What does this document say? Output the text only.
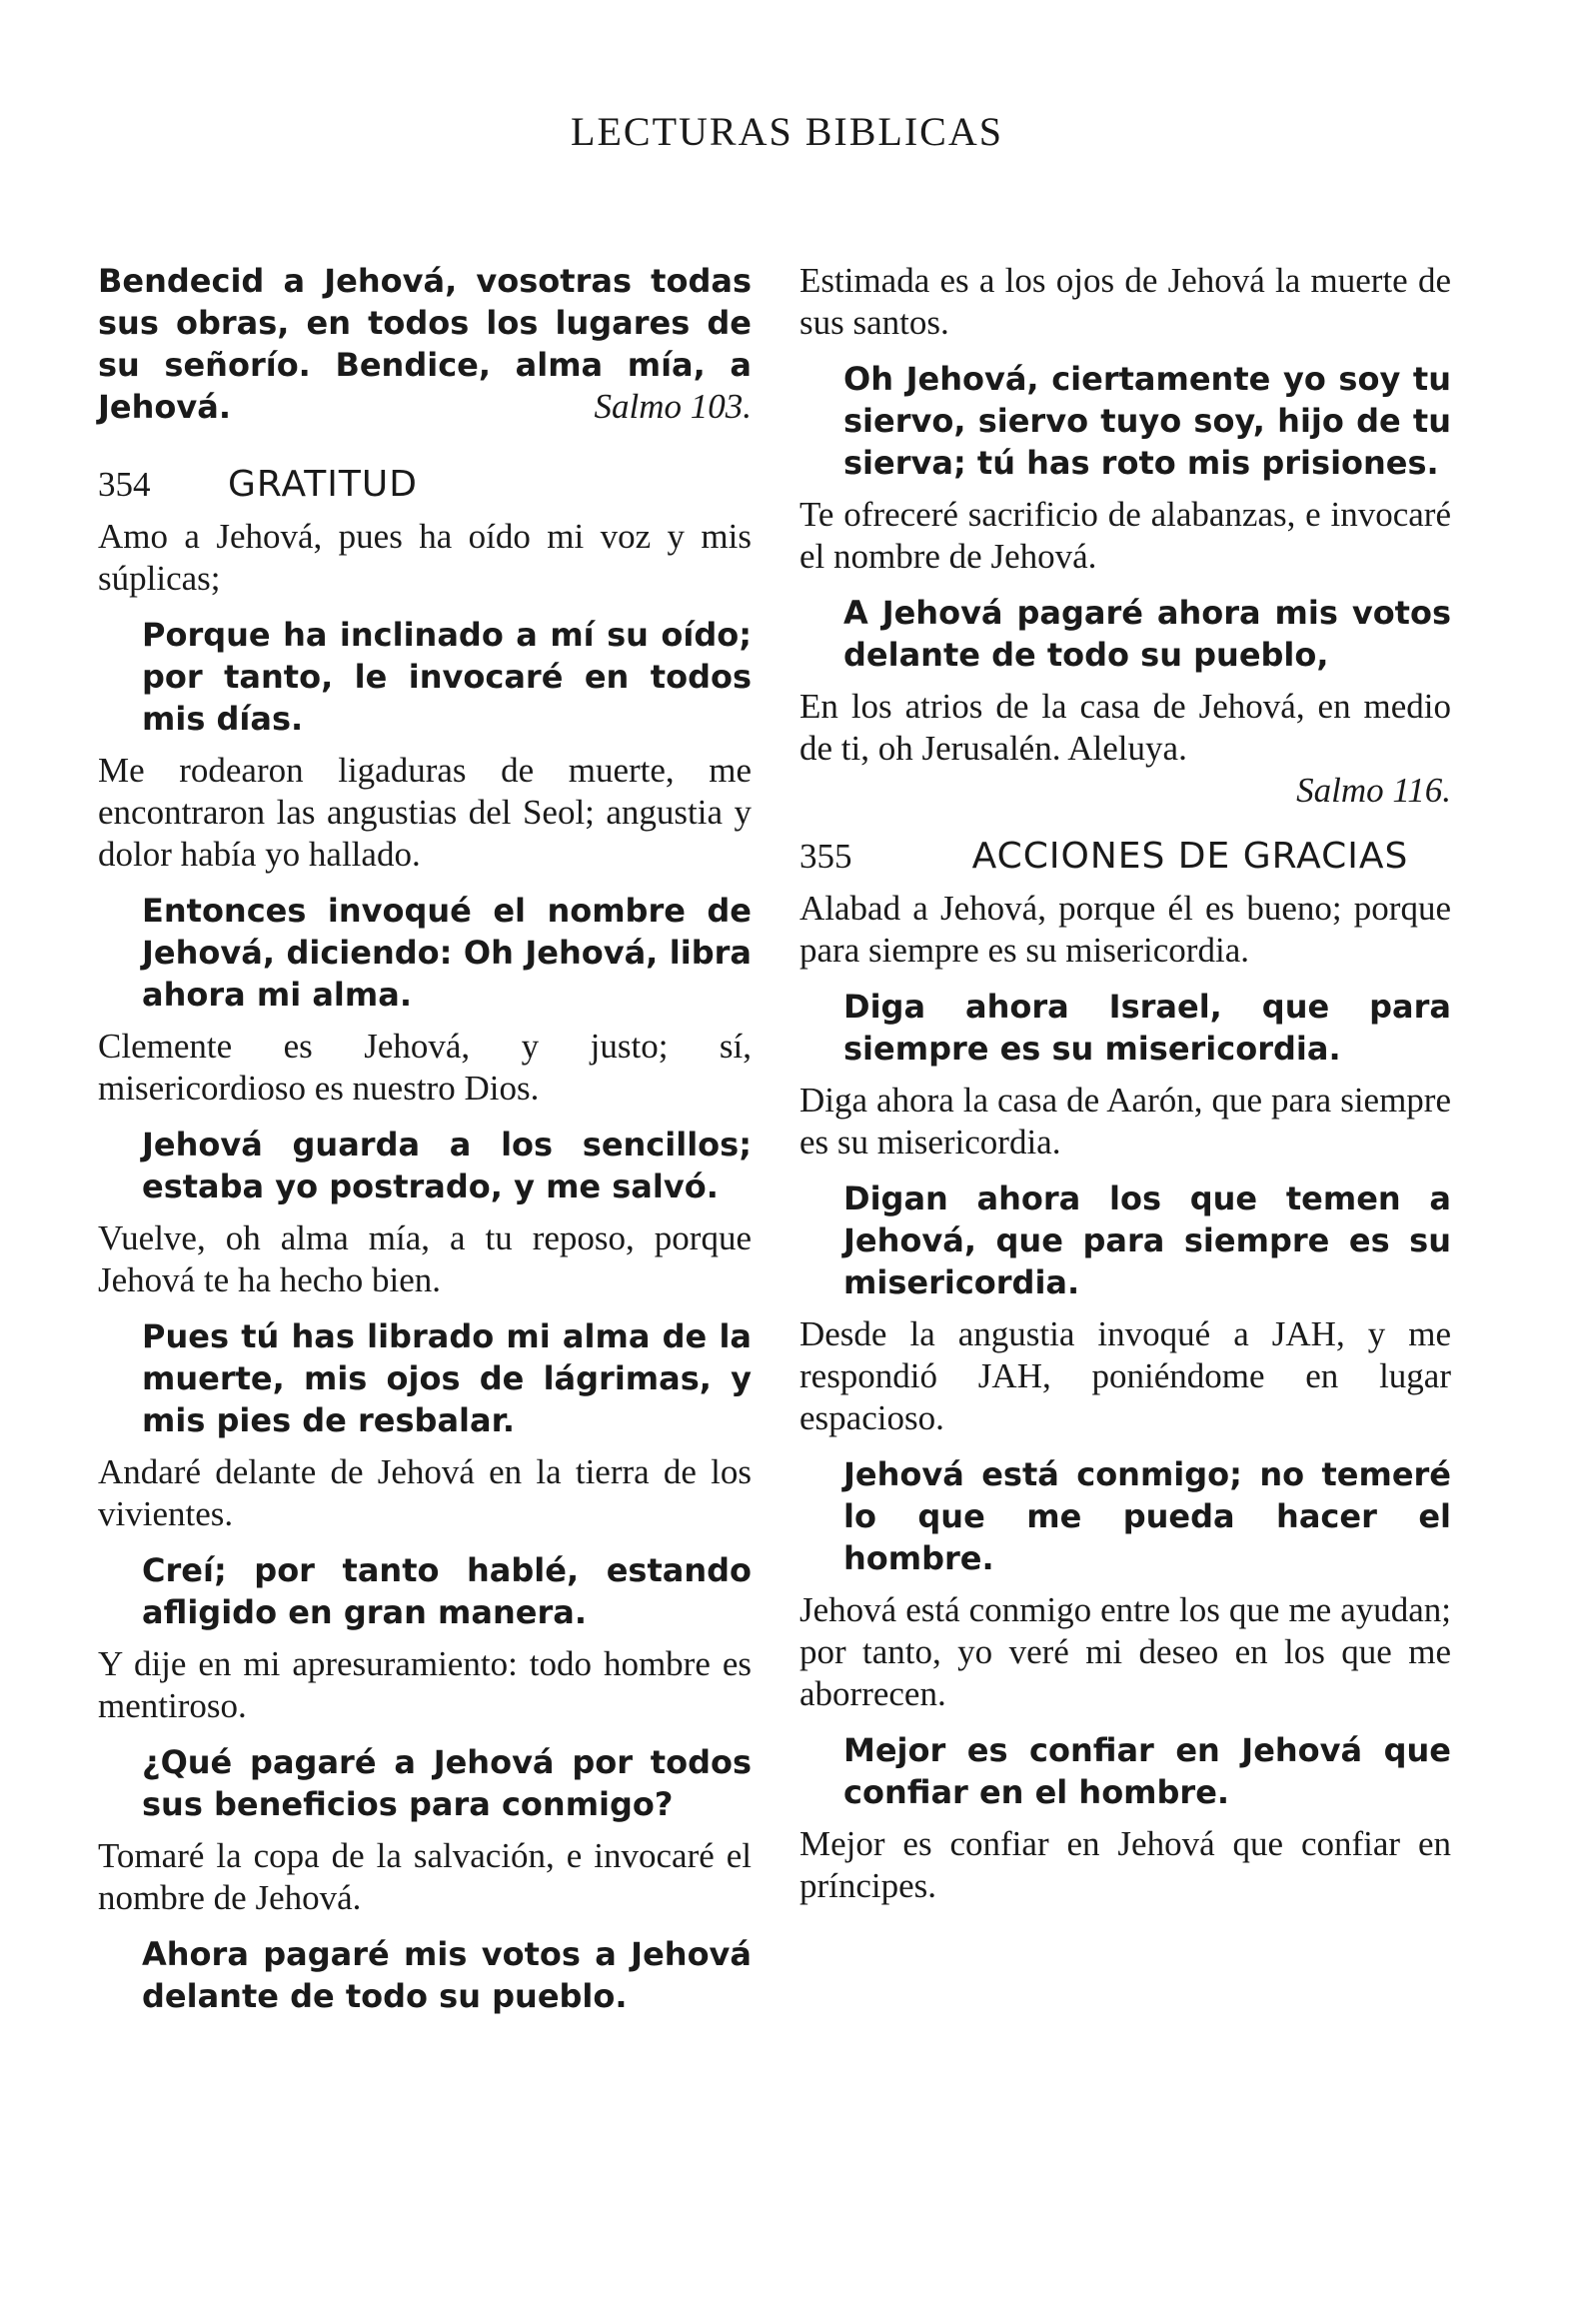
LECTURAS BIBLICAS

Bendecid a Jehová, vosotras todas sus obras, en todos los lugares de su señorío. Bendice, alma mía, a Jehová.	Salmo 103.

354	GRATITUD

Amo a Jehová, pues ha oído mi voz y mis súplicas;

Porque ha inclinado a mí su oído; por tanto, le invocaré en todos mis días.

Me rodearon ligaduras de muerte, me encontraron las angustias del Seol; angustia y dolor había yo hallado.

Entonces invoqué el nombre de Jehová, diciendo: Oh Jehová, libra ahora mi alma.

Clemente es Jehová, y justo; sí, misericordioso es nuestro Dios.

Jehová guarda a los sencillos; estaba yo postrado, y me salvó.

Vuelve, oh alma mía, a tu reposo, porque Jehová te ha hecho bien.

Pues tú has librado mi alma de la muerte, mis ojos de lágrimas, y mis pies de resbalar.

Andaré delante de Jehová en la tierra de los vivientes.

Creí; por tanto hablé, estando afligido en gran manera.

Y dije en mi apresuramiento: todo hombre es mentiroso.

¿Qué pagaré a Jehová por todos sus beneficios para conmigo?

Tomaré la copa de la salvación, e invocaré el nombre de Jehová.

Ahora pagaré mis votos a Jehová delante de todo su pueblo.

Estimada es a los ojos de Jehová la muerte de sus santos.

Oh Jehová, ciertamente yo soy tu siervo, siervo tuyo soy, hijo de tu sierva; tú has roto mis prisiones.

Te ofreceré sacrificio de alabanzas, e invocaré el nombre de Jehová.

A Jehová pagaré ahora mis votos delante de todo su pueblo,

En los atrios de la casa de Jehová, en medio de ti, oh Jerusalén. Aleluya.

Salmo 116.

355	ACCIONES DE GRACIAS

Alabad a Jehová, porque él es bueno; porque para siempre es su misericordia.

Diga ahora Israel, que para siempre es su misericordia.

Diga ahora la casa de Aarón, que para siempre es su misericordia.

Digan ahora los que temen a Jehová, que para siempre es su misericordia.

Desde la angustia invoqué a JAH, y me respondió JAH, poniéndome en lugar espacioso.

Jehová está conmigo; no temeré lo que me pueda hacer el hombre.

Jehová está conmigo entre los que me ayudan; por tanto, yo veré mi deseo en los que me aborrecen.

Mejor es confiar en Jehová que confiar en el hombre.

Mejor es confiar en Jehová que confiar en príncipes.
